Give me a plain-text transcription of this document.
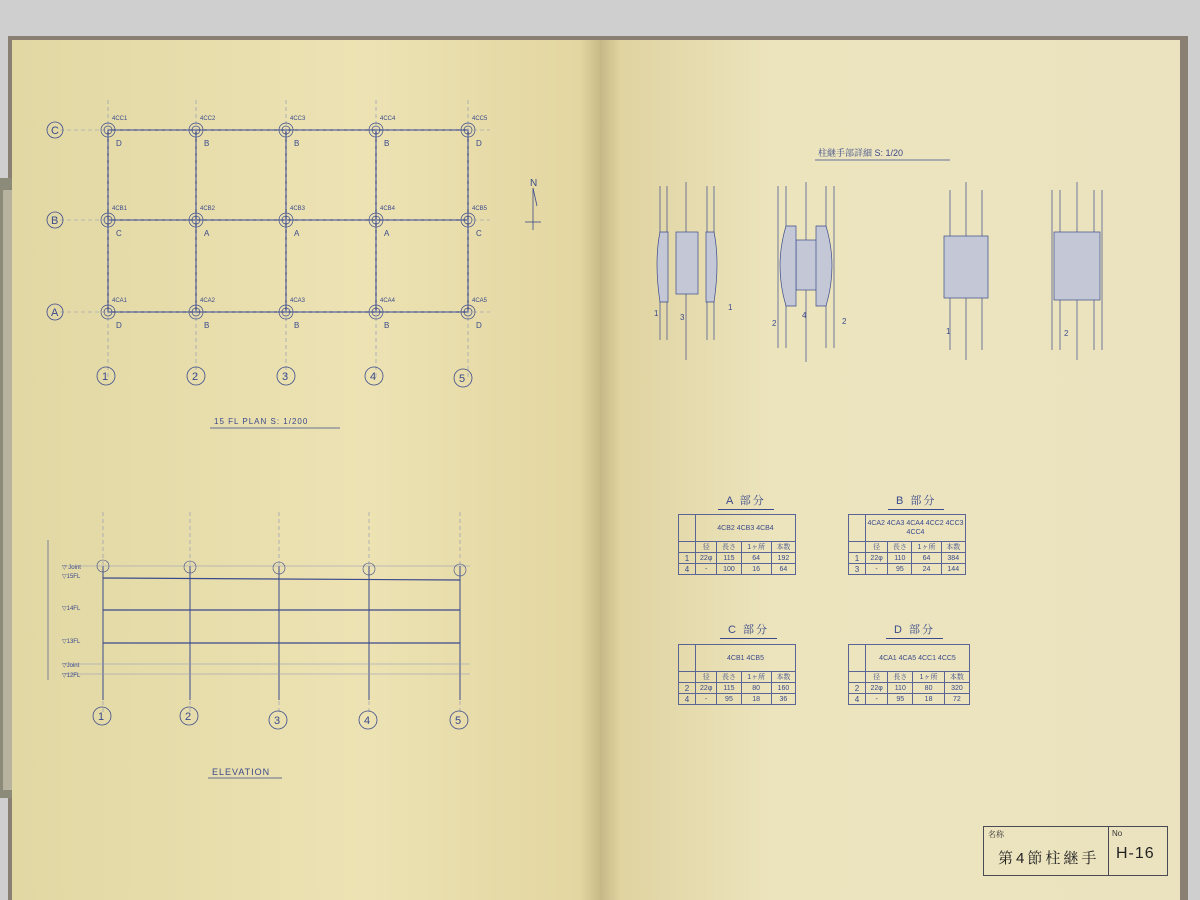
4CC1
D
4CC2
B
4CC3
B
4CC4
B
4CC5
D
4CB1
C
4CB2
A
4CB3
A
4CB4
A
4CB5
C
4CA1
D
4CA2
B
4CA3
B
4CA4
B
4CA5
D
C
B
A
1	2	3	4	5
N
15 FL PLAN S: 1/200
▽ Joint
▽15FL
▽14FL
▽13FL
▽Joint
▽12FL
1	2	3	4	5
ELEVATION
柱継手部詳細 S: 1/20
1	3
1
2
4
2
1	2
A 部分
	4CB2 4CB3 4CB4			
	径	長さ	1ヶ所	本数
1	22φ	115	64	192
4	-	100	16	64
B 部分
	4CA2 4CA3 4CA4 4CC2 4CC3 4CC4			
	径	長さ	1ヶ所	本数
1	22φ	110	64	384
3	-	95	24	144
C 部分
	4CB1 4CB5			
	径	長さ	1ヶ所	本数
2	22φ	115	80	160
4	-	95	18	36
D 部分
	4CA1 4CA5 4CC1 4CC5			
	径	長さ	1ヶ所	本数
2	22φ	110	80	320
4	-	95	18	72
名称
第4節柱継手
No
H-16
